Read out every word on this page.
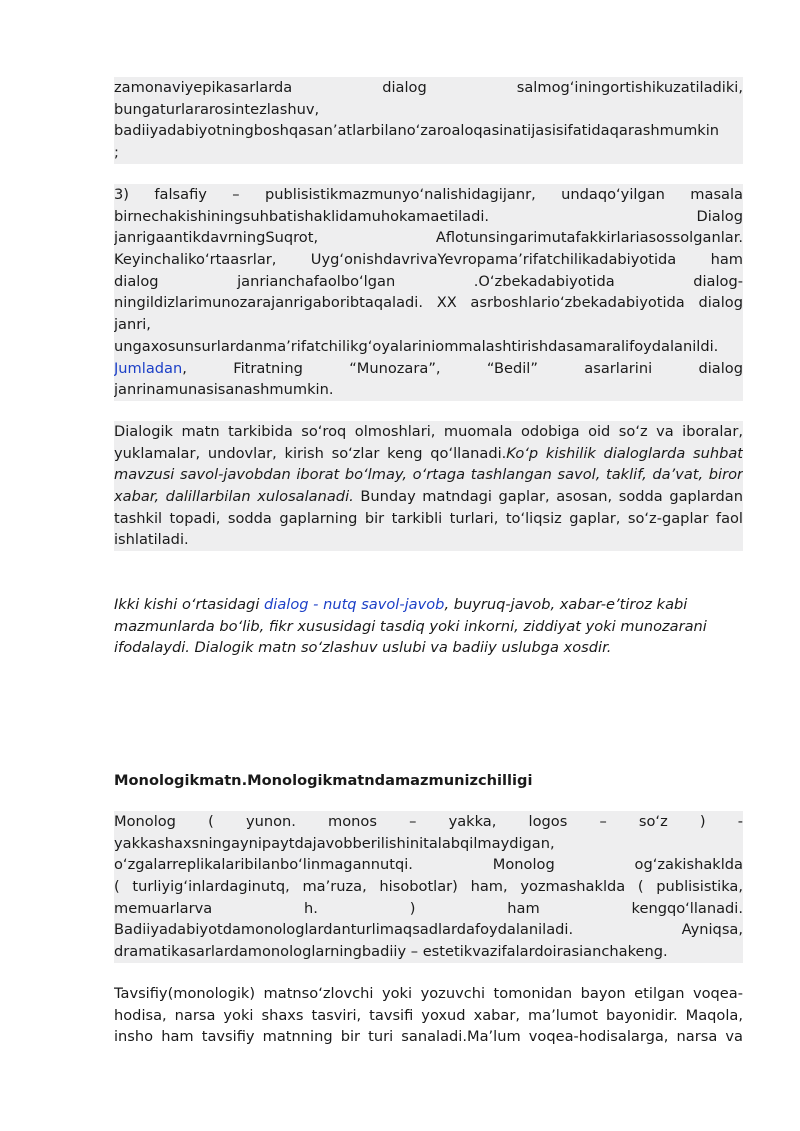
zamonaviyepikasarlarda dialog salmog‘iningortishikuzatiladiki,
bungaturlararosintezlashuv,
badiiyadabiyotningboshqasan’atlarbilano‘zaroaloqasinatijasisifatidaqarashmumkin
;
3) falsafiy – publisistikmazmunyo‘nalishidagijanr, undaqo‘yilgan masala
birnechakishiningsuhbatishaklidamuhokamaetiladi. Dialog
janrigaantikdavrningSuqrot, Aflotunsingarimutafakkirlariasossolganlar.
Keyinchaliko‘rtaasrlar, Uyg‘onishdavrivaYevropama’rifatchilikadabiyotida ham
dialog janrianchafaolbo‘lgan .O‘zbekadabiyotida dialog-
ningildizlarimunozarajanrigaboribtaqaladi. XX asrboshlario‘zbekadabiyotida dialog
janri,
ungaxosunsurlardanma’rifatchilikg‘oyalariniommalashtirishdasamaralifoydalanildi.
Jumladan, Fitratning “Munozara”, “Bedil” asarlarini dialog
janrinamunasisanashmumkin.
Dialogik matn tarkibida so‘roq olmoshlari, muomala odobiga oid so‘z va iboralar,
yuklamalar, undovlar, kirish so‘zlar keng qo‘llanadi.Ko‘p kishilik dialoglarda suhbat
mavzusi savol-javobdan iborat bo‘lmay, o‘rtaga tashlangan savol, taklif, da’vat, biror
xabar, dalillarbilan xulosalanadi. Bunday matndagi gaplar, asosan, sodda gaplardan
tashkil topadi, sodda gaplarning bir tarkibli turlari, to‘liqsiz gaplar, so‘z-gaplar faol
ishlatiladi.
Ikki kishi o‘rtasidagi dialog - nutq savol-javob, buyruq-javob, xabar-e’tiroz kabi
mazmunlarda bo‘lib, fikr xususidagi tasdiq yoki inkorni, ziddiyat yoki munozarani
ifodalaydi. Dialogik matn so‘zlashuv uslubi va badiiy uslubga xosdir.
Monologikmatn.Monologikmatndamazmunizchilligi
Monolog ( yunon. monos – yakka, logos – so‘z ) -
yakkashaxsningaynipaytdajavobberilishinitalabqilmaydigan,
o‘zgalarreplikalaribilanbo‘linmagannutqi. Monolog og‘zakishaklda
( turliyig‘inlardaginutq, ma’ruza, hisobotlar) ham, yozmashaklda ( publisistika,
memuarlarva h. ) ham kengqo‘llanadi.
Badiiyadabiyotdamonologlardanturlimaqsadlardafoydalaniladi. Ayniqsa,
dramatikasarlardamonologlarningbadiiy – estetikvazifalardoirasianchakeng.
Tavsifiy(monologik) matnso‘zlovchi yoki yozuvchi tomonidan bayon etilgan voqea-
hodisa, narsa yoki shaxs tasviri, tavsifi yoxud xabar, ma’lumot bayonidir. Maqola,
insho ham tavsifiy matnning bir turi sanaladi.Ma’lum voqea-hodisalarga, narsa va
